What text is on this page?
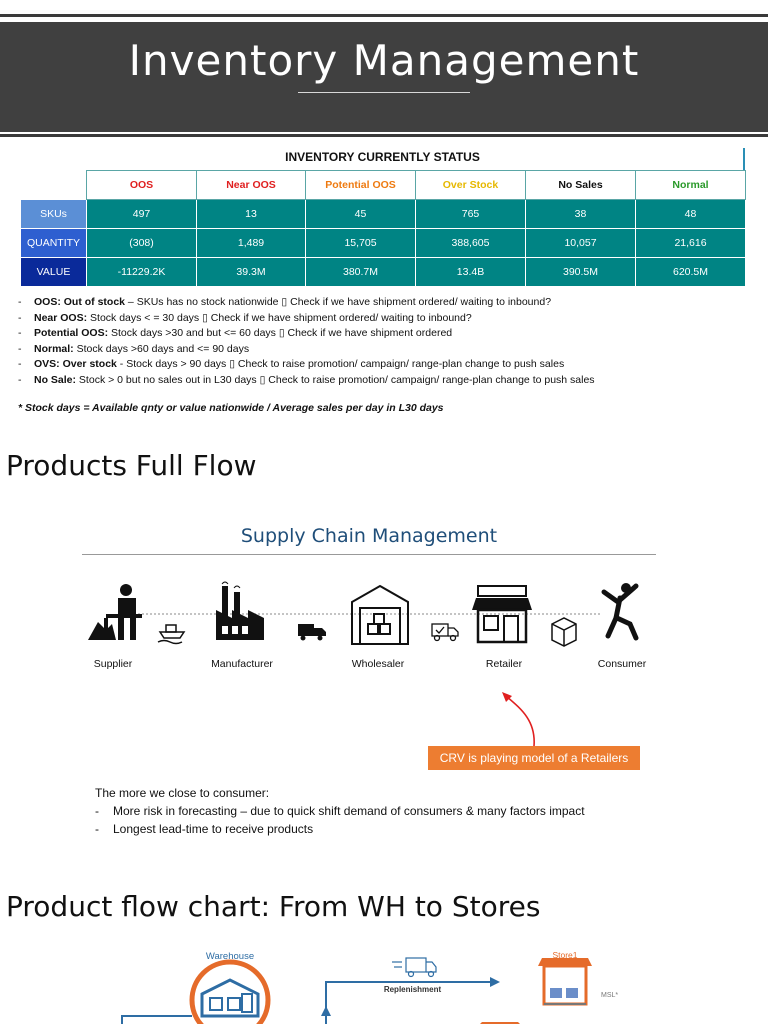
Inventory Management
INVENTORY CURRENTLY STATUS
	OOS	Near OOS	Potential OOS	Over Stock	No Sales	Normal
SKUs	497	13	45	765	38	48
QUANTITY	(308)	1,489	15,705	388,605	10,057	21,616
VALUE	-11229.2K	39.3M	380.7M	13.4B	390.5M	620.5M
- OOS: Out of stock – SKUs has no stock nationwide ▯ Check if we have shipment ordered/ waiting to inbound?
- Near OOS: Stock days < = 30 days ▯ Check if we have shipment ordered/ waiting to inbound?
- Potential OOS: Stock days >30 and but <= 60 days ▯ Check if we have shipment ordered
- Normal: Stock days >60 days and <= 90 days
- OVS: Over stock - Stock days > 90 days ▯ Check to raise promotion/ campaign/ range-plan change to push sales
- No Sale: Stock > 0 but no sales out in L30 days ▯ Check to raise promotion/ campaign/ range-plan change to push sales
* Stock days = Available qnty or value nationwide / Average sales per day in L30 days
Products Full Flow
Supply Chain Management
Supplier	Manufacturer	Wholesaler	Retailer	Consumer
CRV is playing model of a Retailers
The more we close to consumer:
- More risk in forecasting – due to quick shift demand of consumers & many factors impact
- Longest lead-time to receive products
Product flow chart: From WH to Stores
Warehouse
Replenishment
Store1
MSL*
